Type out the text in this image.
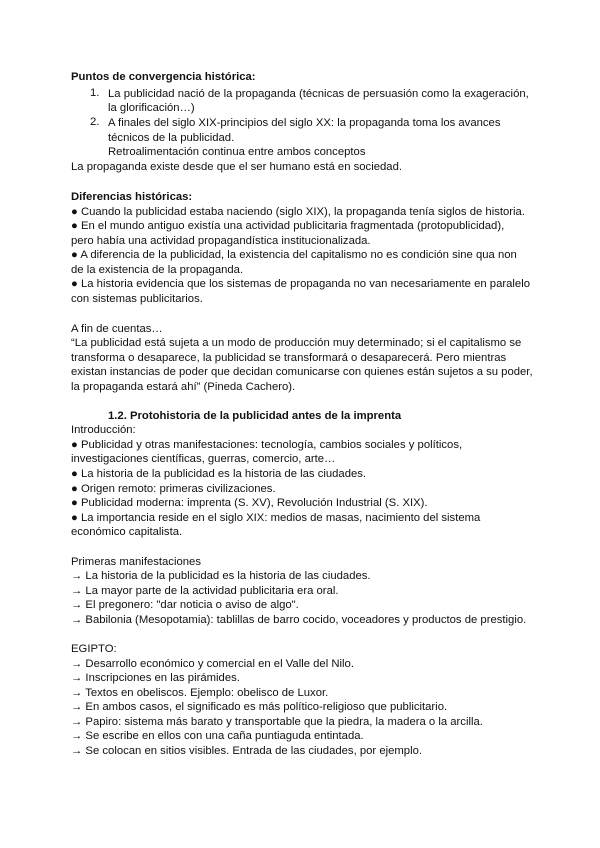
Puntos de convergencia histórica:
1. La publicidad nació de la propaganda (técnicas de persuasión como la exageración,
la glorificación…)
2. A finales del siglo XIX-principios del siglo XX: la propaganda toma los avances
técnicos de la publicidad.
Retroalimentación continua entre ambos conceptos
La propaganda existe desde que el ser humano está en sociedad.
Diferencias históricas:
● Cuando la publicidad estaba naciendo (siglo XIX), la propaganda tenía siglos de historia.
● En el mundo antiguo existía una actividad publicitaria fragmentada (protopublicidad),
pero había una actividad propagandística institucionalizada.
● A diferencia de la publicidad, la existencia del capitalismo no es condición sine qua non
de la existencia de la propaganda.
● La historia evidencia que los sistemas de propaganda no van necesariamente en paralelo
con sistemas publicitarios.
A fin de cuentas…
“La publicidad está sujeta a un modo de producción muy determinado; si el capitalismo se
transforma o desaparece, la publicidad se transformará o desaparecerá. Pero mientras
existan instancias de poder que decidan comunicarse con quienes están sujetos a su poder,
la propaganda estará ahí” (Pineda Cachero).
1.2. Protohistoria de la publicidad antes de la imprenta
Introducción:
● Publicidad y otras manifestaciones: tecnología, cambios sociales y políticos,
investigaciones científicas, guerras, comercio, arte…
● La historia de la publicidad es la historia de las ciudades.
● Origen remoto: primeras civilizaciones.
● Publicidad moderna: imprenta (S. XV), Revolución Industrial (S. XIX).
● La importancia reside en el siglo XIX: medios de masas, nacimiento del sistema
económico capitalista.
Primeras manifestaciones
→ La historia de la publicidad es la historia de las ciudades.
→ La mayor parte de la actividad publicitaria era oral.
→ El pregonero: "dar noticia o aviso de algo".
→ Babilonia (Mesopotamia): tablillas de barro cocido, voceadores y productos de prestigio.
EGIPTO:
→ Desarrollo económico y comercial en el Valle del Nilo.
→ Inscripciones en las pirámides.
→ Textos en obeliscos. Ejemplo: obelisco de Luxor.
→ En ambos casos, el significado es más político-religioso que publicitario.
→ Papiro: sistema más barato y transportable que la piedra, la madera o la arcilla.
→ Se escribe en ellos con una caña puntiaguda entintada.
→ Se colocan en sitios visibles. Entrada de las ciudades, por ejemplo.
